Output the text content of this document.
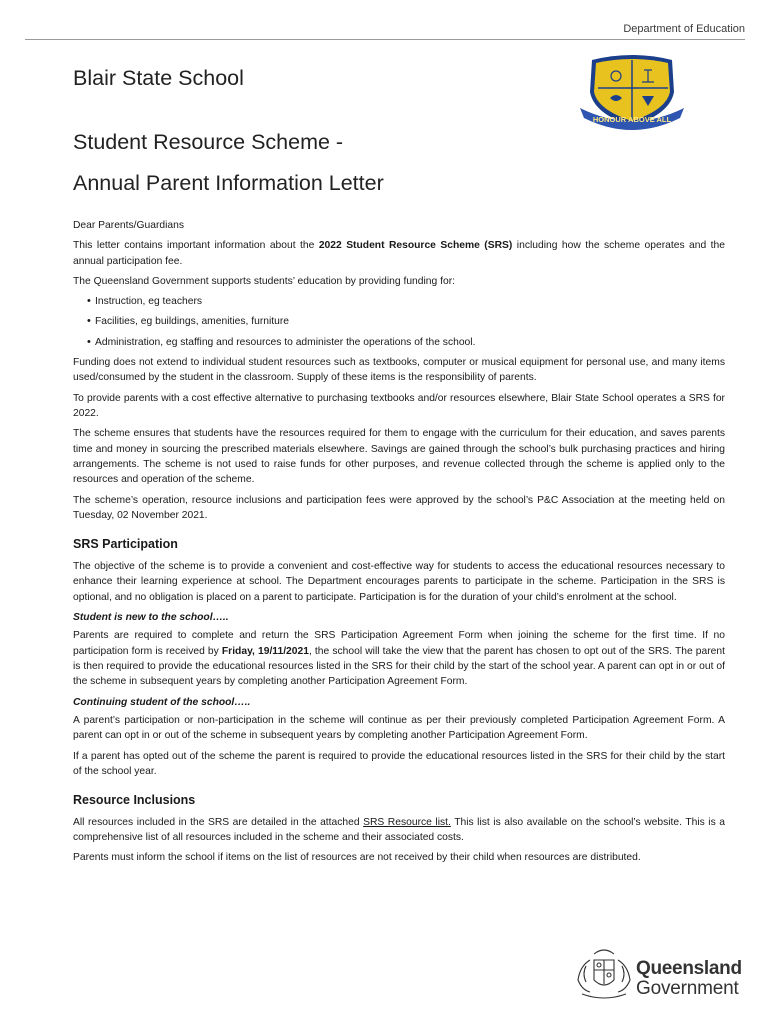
Department of Education
Blair State School
Student Resource Scheme -
Annual Parent Information Letter
HONOUR ABOVE ALL

Dear Parents/Guardians

This letter contains important information about the 2022 Student Resource Scheme (SRS) including how the scheme operates and the annual participation fee.

The Queensland Government supports students’ education by providing funding for:

• Instruction, eg teachers
• Facilities, eg buildings, amenities, furniture
• Administration, eg staffing and resources to administer the operations of the school.

Funding does not extend to individual student resources such as textbooks, computer or musical equipment for personal use, and many items used/consumed by the student in the classroom. Supply of these items is the responsibility of parents.

To provide parents with a cost effective alternative to purchasing textbooks and/or resources elsewhere, Blair State School operates a SRS for 2022.

The scheme ensures that students have the resources required for them to engage with the curriculum for their education, and saves parents time and money in sourcing the prescribed materials elsewhere. Savings are gained through the school’s bulk purchasing practices and hiring arrangements. The scheme is not used to raise funds for other purposes, and revenue collected through the scheme is applied only to the resources and operation of the scheme.

The scheme’s operation, resource inclusions and participation fees were approved by the school’s P&C Association at the meeting held on Tuesday, 02 November 2021.

SRS Participation

The objective of the scheme is to provide a convenient and cost-effective way for students to access the educational resources necessary to enhance their learning experience at school. The Department encourages parents to participate in the scheme. Participation in the SRS is optional, and no obligation is placed on a parent to participate. Participation is for the duration of your child’s enrolment at the school.

Student is new to the school…..

Parents are required to complete and return the SRS Participation Agreement Form when joining the scheme for the first time. If no participation form is received by Friday, 19/11/2021, the school will take the view that the parent has chosen to opt out of the SRS. The parent is then required to provide the educational resources listed in the SRS for their child by the start of the school year. A parent can opt in or out of the scheme in subsequent years by completing another Participation Agreement Form.

Continuing student of the school…..

A parent’s participation or non-participation in the scheme will continue as per their previously completed Participation Agreement Form. A parent can opt in or out of the scheme in subsequent years by completing another Participation Agreement Form.

If a parent has opted out of the scheme the parent is required to provide the educational resources listed in the SRS for their child by the start of the school year.

Resource Inclusions

All resources included in the SRS are detailed in the attached SRS Resource list. This list is also available on the school’s website. This is a comprehensive list of all resources included in the scheme and their associated costs.

Parents must inform the school if items on the list of resources are not received by their child when resources are distributed.

Queensland
Government
